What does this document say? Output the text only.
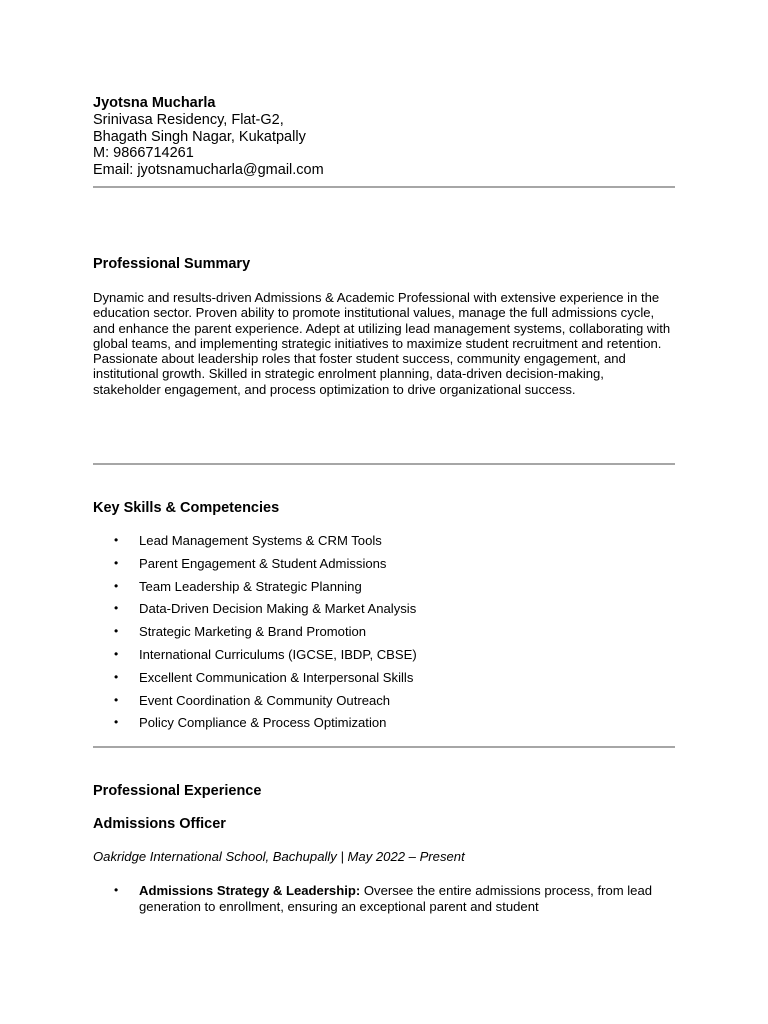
Jyotsna Mucharla
Srinivasa Residency, Flat-G2,
Bhagath Singh Nagar, Kukatpally
M: 9866714261
Email: jyotsnamucharla@gmail.com
Professional Summary

Dynamic and results-driven Admissions & Academic Professional with extensive experience in the education sector. Proven ability to promote institutional values, manage the full admissions cycle, and enhance the parent experience. Adept at utilizing lead management systems, collaborating with global teams, and implementing strategic initiatives to maximize student recruitment and retention. Passionate about leadership roles that foster student success, community engagement, and institutional growth. Skilled in strategic enrolment planning, data-driven decision-making, stakeholder engagement, and process optimization to drive organizational success.

Key Skills & Competencies
• Lead Management Systems & CRM Tools
• Parent Engagement & Student Admissions
• Team Leadership & Strategic Planning
• Data-Driven Decision Making & Market Analysis
• Strategic Marketing & Brand Promotion
• International Curriculums (IGCSE, IBDP, CBSE)
• Excellent Communication & Interpersonal Skills
• Event Coordination & Community Outreach
• Policy Compliance & Process Optimization
Professional Experience
Admissions Officer
Oakridge International School, Bachupally | May 2022 – Present
• Admissions Strategy & Leadership: Oversee the entire admissions process, from lead generation to enrollment, ensuring an exceptional parent and student
